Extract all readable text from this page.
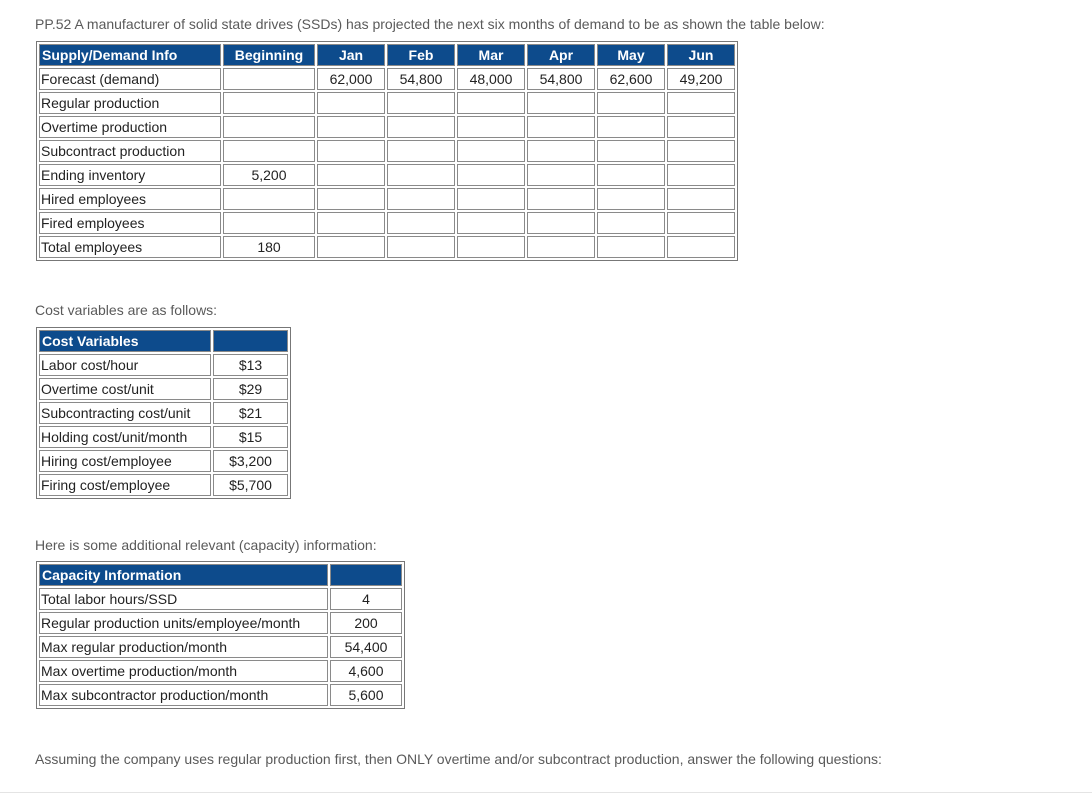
PP.52 A manufacturer of solid state drives (SSDs) has projected the next six months of demand to be as shown the table below:

Supply/Demand Info	Beginning	Jan	Feb	Mar	Apr	May	Jun
Forecast (demand)		62,000	54,800	48,000	54,800	62,600	49,200
Regular production							
Overtime production							
Subcontract production							
Ending inventory	5,200						
Hired employees							
Fired employees							
Total employees	180						

Cost variables are as follows:

Cost Variables	
Labor cost/hour	$13
Overtime cost/unit	$29
Subcontracting cost/unit	$21
Holding cost/unit/month	$15
Hiring cost/employee	$3,200
Firing cost/employee	$5,700

Here is some additional relevant (capacity) information:

Capacity Information	
Total labor hours/SSD	4
Regular production units/employee/month	200
Max regular production/month	54,400
Max overtime production/month	4,600
Max subcontractor production/month	5,600

Assuming the company uses regular production first, then ONLY overtime and/or subcontract production, answer the following questions:
